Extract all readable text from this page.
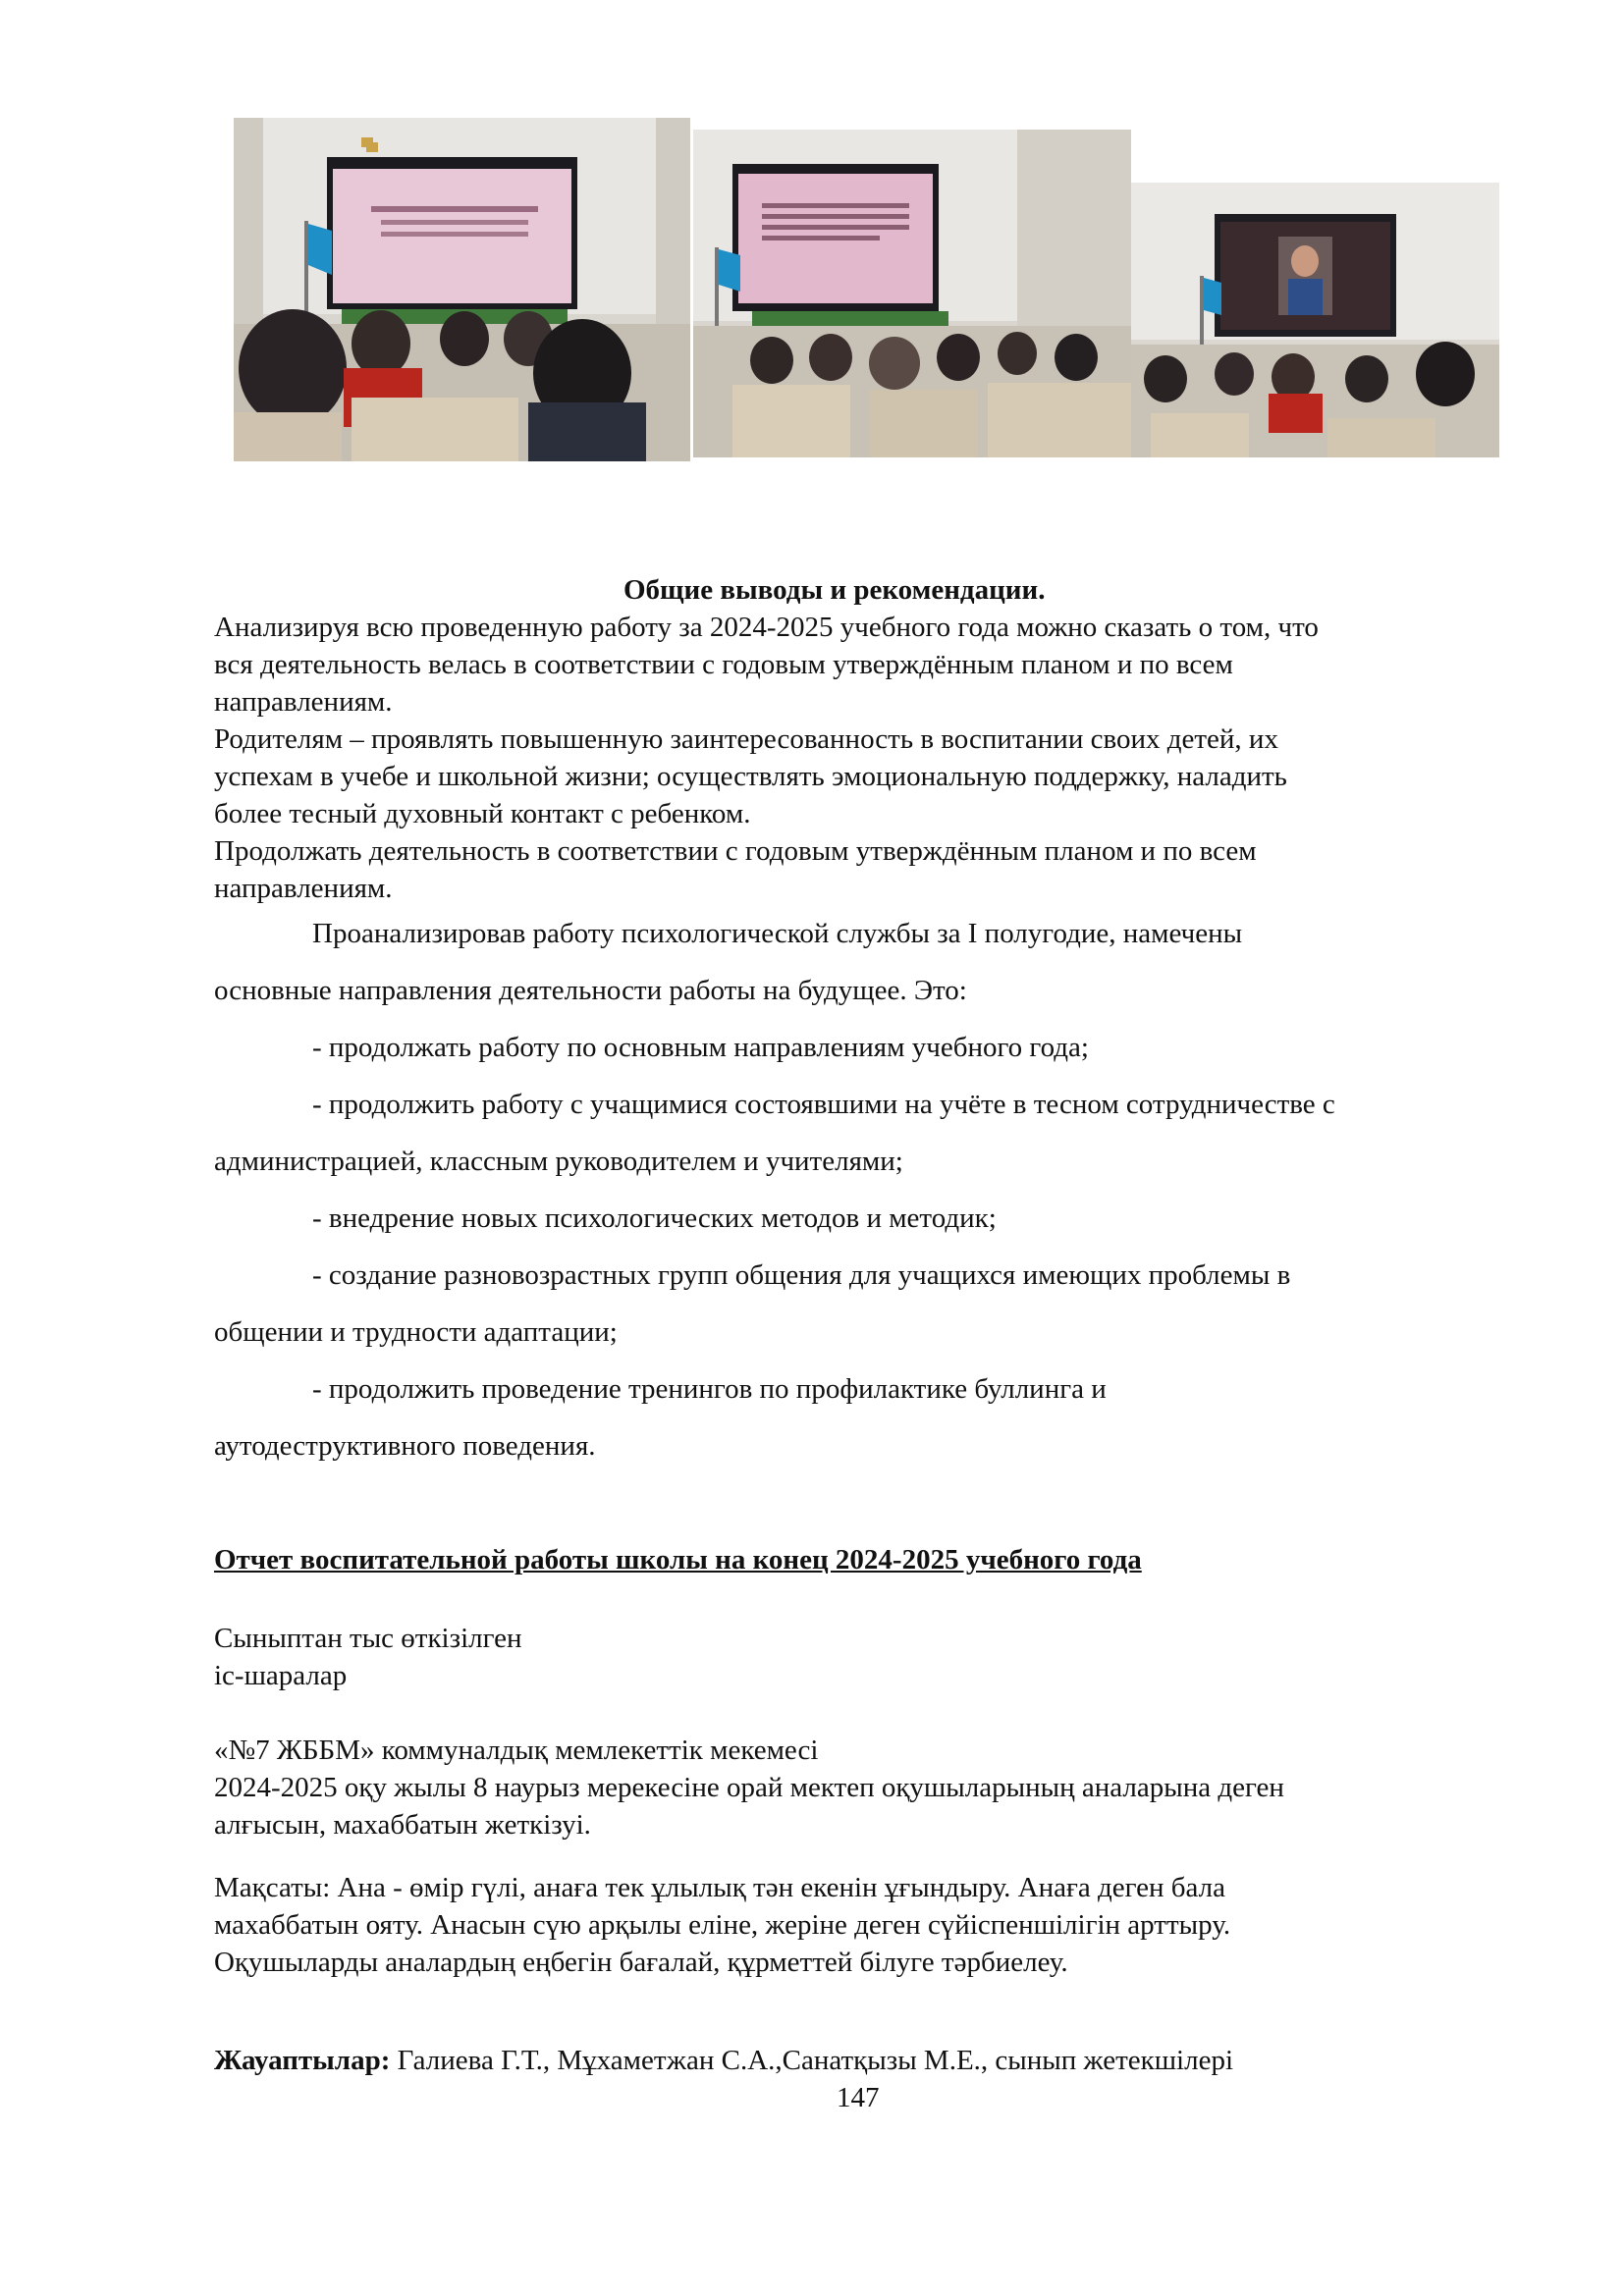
Общие выводы и рекомендации.

Анализируя всю проведенную работу за 2024-2025 учебного года можно сказать о том, что

вся деятельность велась в соответствии с годовым утверждённым планом и по всем

направлениям.

Родителям – проявлять повышенную заинтересованность в воспитании своих детей, их

успехам в учебе и школьной жизни; осуществлять эмоциональную поддержку, наладить

более тесный духовный контакт с ребенком.

Продолжать деятельность в соответствии с годовым утверждённым планом и по всем

направлениям.

Проанализировав работу психологической службы за I полугодие, намечены
основные направления деятельности работы на будущее. Это:
- продолжать работу по основным направлениям учебного года;
- продолжить работу с учащимися состоявшими на учёте в тесном сотрудничестве с
администрацией, классным руководителем и учителями;
- внедрение новых психологических методов и методик;
- создание разновозрастных групп общения для учащихся имеющих проблемы в
общении и трудности адаптации;
- продолжить проведение тренингов по профилактике буллинга и
аутодеструктивного поведения.
Отчет воспитательной работы школы на конец 2024-2025 учебного года
Сыныптан тыс өткізілген
іс-шаралар
«№7 ЖББМ» коммуналдық мемлекеттік мекемесі
2024-2025 оқу жылы 8 наурыз мерекесіне орай мектеп оқушыларының аналарына деген
алғысын, махаббатын жеткізуі.
Мақсаты: Ана - өмір гүлі, анаға тек ұлылық тән екенін ұғындыру. Анаға деген бала
махаббатын ояту. Анасын сүю арқылы еліне, жеріне деген сүйіспеншілігін арттыру.
Оқушыларды аналардың еңбегін бағалай, құрметтей білуге тәрбиелеу.
Жауаптылар: Галиева Г.Т., Мұхаметжан С.А.,Санатқызы М.Е., сынып жетекшілері
147
